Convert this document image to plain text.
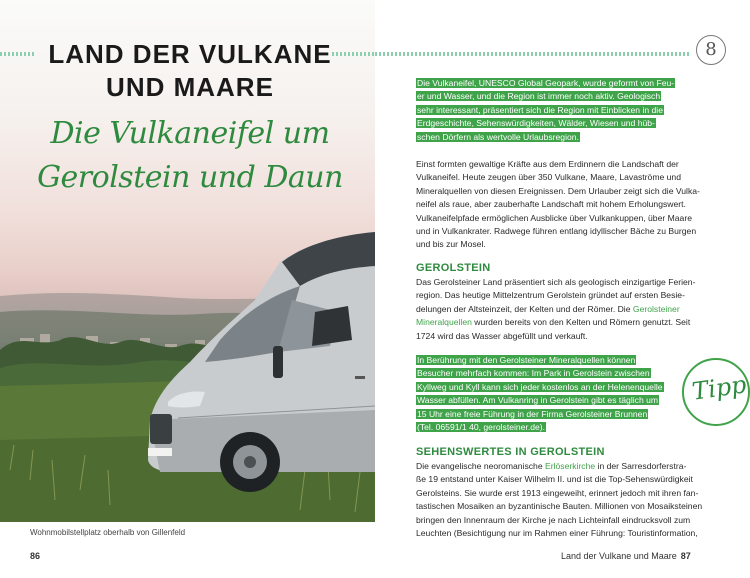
LAND DER VULKANE
UND MAARE
Die Vulkaneifel um
Gerolstein und Daun
Wohnmobilstellplatz oberhalb von Gillenfeld
86
8
Die Vulkaneifel, UNESCO Global Geopark, wurde geformt von Feu-
er und Wasser, und die Region ist immer noch aktiv. Geologisch
sehr interessant, präsentiert sich die Region mit Einblicken in die
Erdgeschichte, Sehenswürdigkeiten, Wälder, Wiesen und hüb-
schen Dörfern als wertvolle Urlaubsregion.
Einst formten gewaltige Kräfte aus dem Erdinnern die Landschaft der
Vulkaneifel. Heute zeugen über 350 Vulkane, Maare, Lavaströme und
Mineralquellen von diesen Ereignissen. Dem Urlauber zeigt sich die Vulka-
neifel als raue, aber zauberhafte Landschaft mit hohem Erholungswert.
Vulkaneifelpfade ermöglichen Ausblicke über Vulkankuppen, über Maare
und in Vulkankrater. Radwege führen entlang idyllischer Bäche zu Burgen
und bis zur Mosel.
GEROLSTEIN
Das Gerolsteiner Land präsentiert sich als geologisch einzigartige Ferien-
region. Das heutige Mittelzentrum Gerolstein gründet auf ersten Besie-
delungen der Altsteinzeit, der Kelten und der Römer. Die Gerolsteiner
Mineralquellen wurden bereits von den Kelten und Römern genutzt. Seit
1724 wird das Wasser abgefüllt und verkauft.
In Berührung mit den Gerolsteiner Mineralquellen können
Besucher mehrfach kommen: Im Park in Gerolstein zwischen
Kyllweg und Kyll kann sich jeder kostenlos an der Helenenquelle
Wasser abfüllen. Am Vulkanring in Gerolstein gibt es täglich um
15 Uhr eine freie Führung in der Firma Gerolsteiner Brunnen
(Tel. 06591/1 40, gerolsteiner.de).
Tipp
SEHENSWERTES IN GEROLSTEIN
Die evangelische neoromanische Erlöserkirche in der Sarresdorferstra-
ße 19 entstand unter Kaiser Wilhelm II. und ist die Top-Sehenswürdigkeit
Gerolsteins. Sie wurde erst 1913 eingeweiht, erinnert jedoch mit ihren fan-
tastischen Mosaiken an byzantinische Bauten. Millionen von Mosaiksteinen
bringen den Innenraum der Kirche je nach Lichteinfall eindrucksvoll zum
Leuchten (Besichtigung nur im Rahmen einer Führung: Touristinformation,
Land der Vulkane und Maare 87
